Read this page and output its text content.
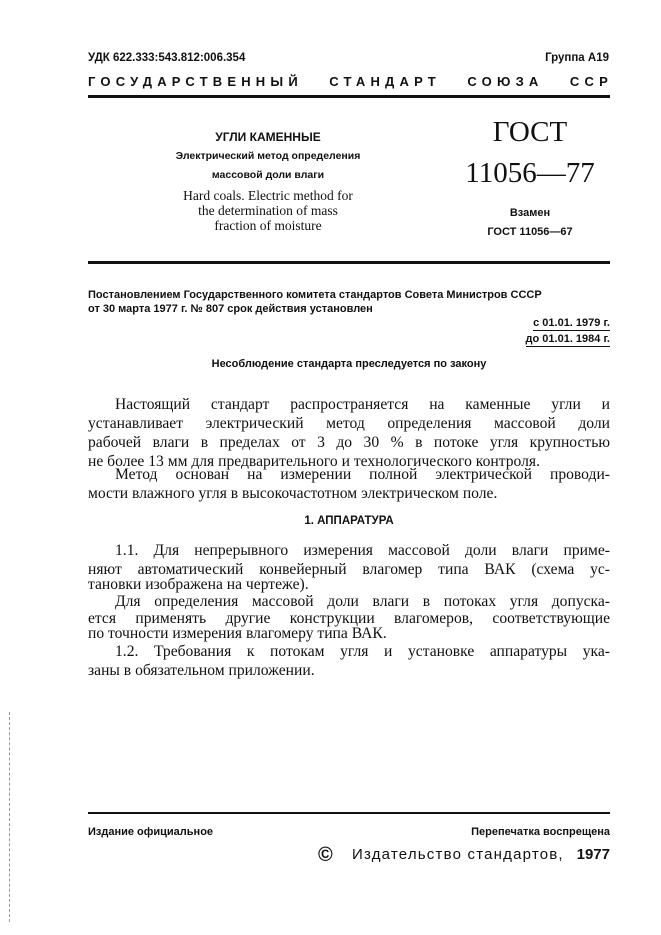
УДК 622.333:543.812:006.354	Группа А19
ГОСУДАРСТВЕННЫЙ   СТАНДАРТ   СОЮЗА   ССР
УГЛИ КАМЕННЫЕ
Электрический метод определения
массовой доли влаги
Hard coals. Electric method for
the determination of mass
fraction of moisture
ГОСТ
11056—77
Взамен
ГОСТ 11056—67
Постановлением Государственного комитета стандартов Совета Министров СССР
от 30 марта 1977 г. № 807 срок действия установлен
с 01.01. 1979 г.
до 01.01. 1984 г.
Несоблюдение стандарта преследуется по закону
Настоящий стандарт распространяется на каменные угли и
устанавливает электрический метод определения массовой доли
рабочей влаги в пределах от 3 до 30 % в потоке угля крупностью
не более 13 мм для предварительного и технологического контроля.
Метод основан на измерении полной электрической проводи-
мости влажного угля в высокочастотном электрическом поле.
1. АППАРАТУРА
1.1. Для непрерывного измерения массовой доли влаги приме-
няют автоматический конвейерный влагомер типа ВАК (схема ус-
тановки изображена на чертеже).
Для определения массовой доли влаги в потоках угля допуска-
ется применять другие конструкции влагомеров, соответствующие
по точности измерения влагомеру типа ВАК.
1.2. Требования к потокам угля и установке аппаратуры ука-
заны в обязательном приложении.
Издание официальное	Перепечатка воспрещена
© Издательство стандартов, 1977
